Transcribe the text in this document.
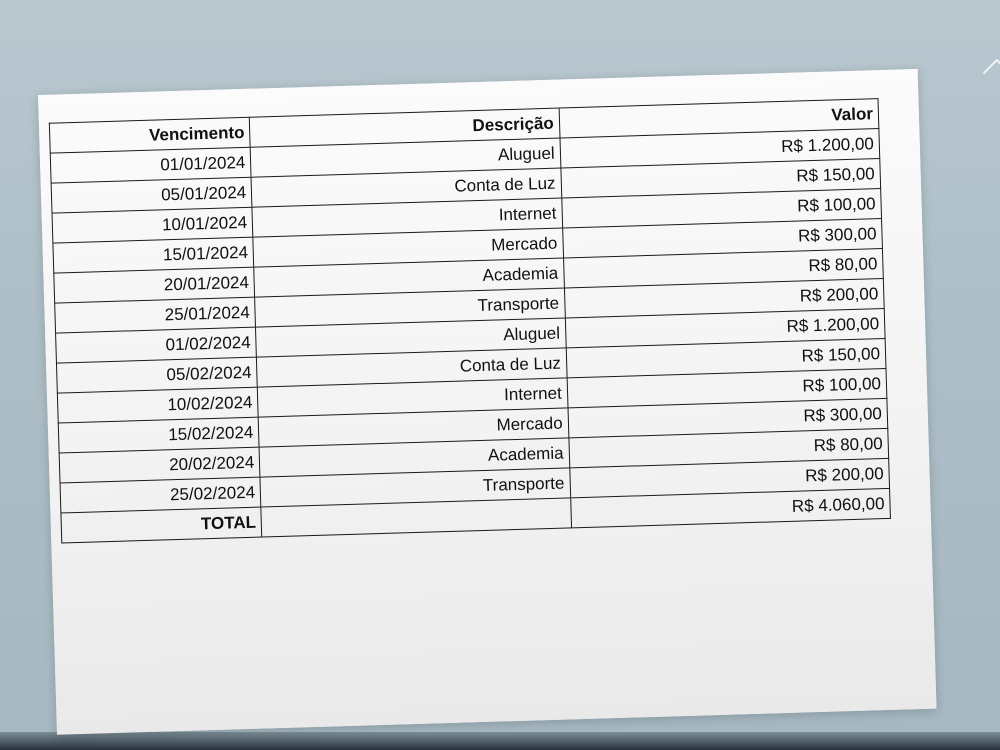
Vencimento	Descrição	Valor
01/01/2024	Aluguel	R$ 1.200,00
05/01/2024	Conta de Luz	R$ 150,00
10/01/2024	Internet	R$ 100,00
15/01/2024	Mercado	R$ 300,00
20/01/2024	Academia	R$ 80,00
25/01/2024	Transporte	R$ 200,00
01/02/2024	Aluguel	R$ 1.200,00
05/02/2024	Conta de Luz	R$ 150,00
10/02/2024	Internet	R$ 100,00
15/02/2024	Mercado	R$ 300,00
20/02/2024	Academia	R$ 80,00
25/02/2024	Transporte	R$ 200,00
TOTAL		R$ 4.060,00
